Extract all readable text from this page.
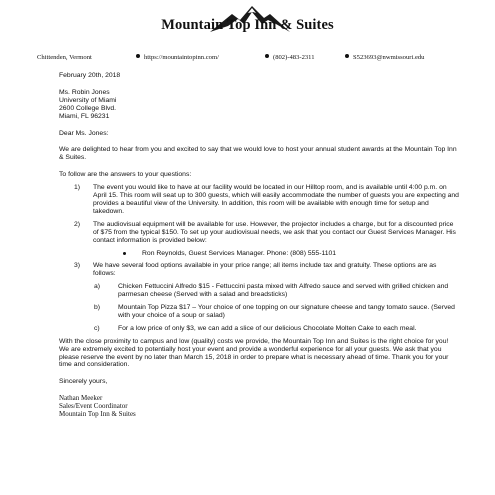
Mountain Top Inn & Suites
Chittenden, Vermont	https://mountaintopinn.com/	(802)-483-2311	S523693@nwmissouri.edu

February 20th, 2018

Ms. Robin Jones

University of Miami

2600 College Blvd.

Miami, FL 96231

Dear Ms. Jones:

We are delighted to hear from you and excited to say that we would love to host your annual student awards at the Mountain Top Inn & Suites.

To follow are the answers to your questions:

1) The event you would like to have at our facility would be located in our Hilltop room, and is available until 4:00 p.m. on April 15. This room will seat up to 300 guests, which will easily accommodate the number of guests you are expecting and provides a beautiful view of the University. In addition, this room will be available with enough time for setup and takedown.
2) The audiovisual equipment will be available for use. However, the projector includes a charge, but for a discounted price of $75 from the typical $150. To set up your audiovisual needs, we ask that you contact our Guest Services Manager. His contact information is provided below:
Ron Reynolds, Guest Services Manager. Phone: (808) 555-1101
3) We have several food options available in your price range; all items include tax and gratuity. These options are as follows:
a)	Chicken Fettuccini Alfredo $15 - Fettuccini pasta mixed with Alfredo sauce and served with grilled chicken and parmesan cheese (Served with a salad and breadsticks)
b)	Mountain Top Pizza $17 – Your choice of one topping on our signature cheese and tangy tomato sauce. (Served with your choice of a soup or salad)
c)	For a low price of only $3, we can add a slice of our delicious Chocolate Molten Cake to each meal.

With the close proximity to campus and low (quality) costs we provide, the Mountain Top Inn and Suites is the right choice for you! We are extremely excited to potentially host your event and provide a wonderful experience for all your guests. We ask that you please reserve the event by no later than March 15, 2018 in order to prepare what is necessary ahead of time. Thank you for your time and consideration.

Sincerely yours,

Nathan Meeker

Sales/Event Coordinator

Mountain Top Inn & Suites
